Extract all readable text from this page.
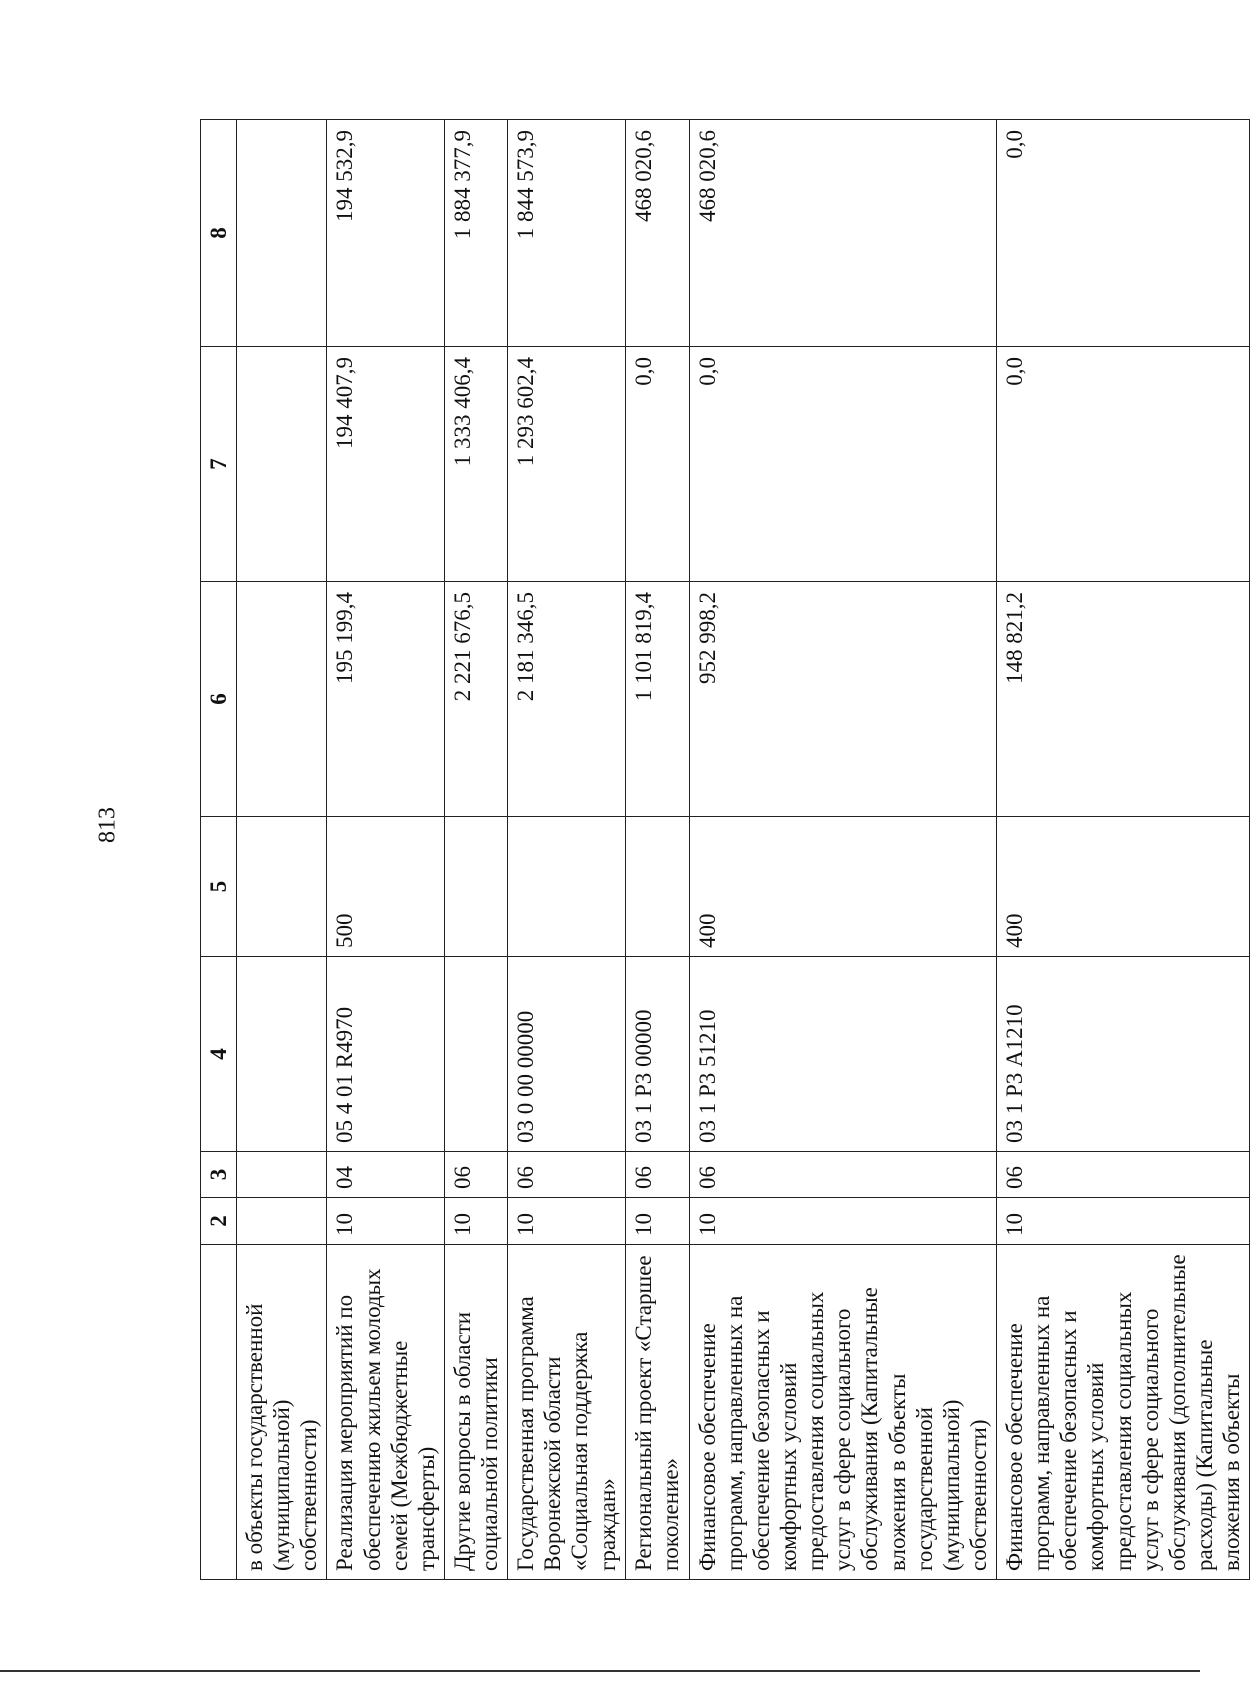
813
	2	3	4	5	6	7	8
в объекты государственной (муниципальной) собственности)							
Реализация мероприятий по обеспечению жильем молодых семей (Межбюджетные трансферты)	10	04	05 4 01 R4970	500	195 199,4	194 407,9	194 532,9
Другие вопросы в области социальной политики	10	06			2 221 676,5	1 333 406,4	1 884 377,9
Государственная программа Воронежской области «Социальная поддержка граждан»	10	06	03 0 00 00000		2 181 346,5	1 293 602,4	1 844 573,9
Региональный проект «Старшее поколение»	10	06	03 1 Р3 00000		1 101 819,4	0,0	468 020,6
Финансовое обеспечение программ, направленных на обеспечение безопасных и комфортных условий предоставления социальных услуг в сфере социального обслуживания (Капитальные вложения в объекты государственной (муниципальной) собственности)	10	06	03 1 Р3 51210	400	952 998,2	0,0	468 020,6
Финансовое обеспечение программ, направленных на обеспечение безопасных и комфортных условий предоставления социальных услуг в сфере социального обслуживания (дополнительные расходы) (Капитальные вложения в объекты	10	06	03 1 Р3 А1210	400	148 821,2	0,0	0,0
